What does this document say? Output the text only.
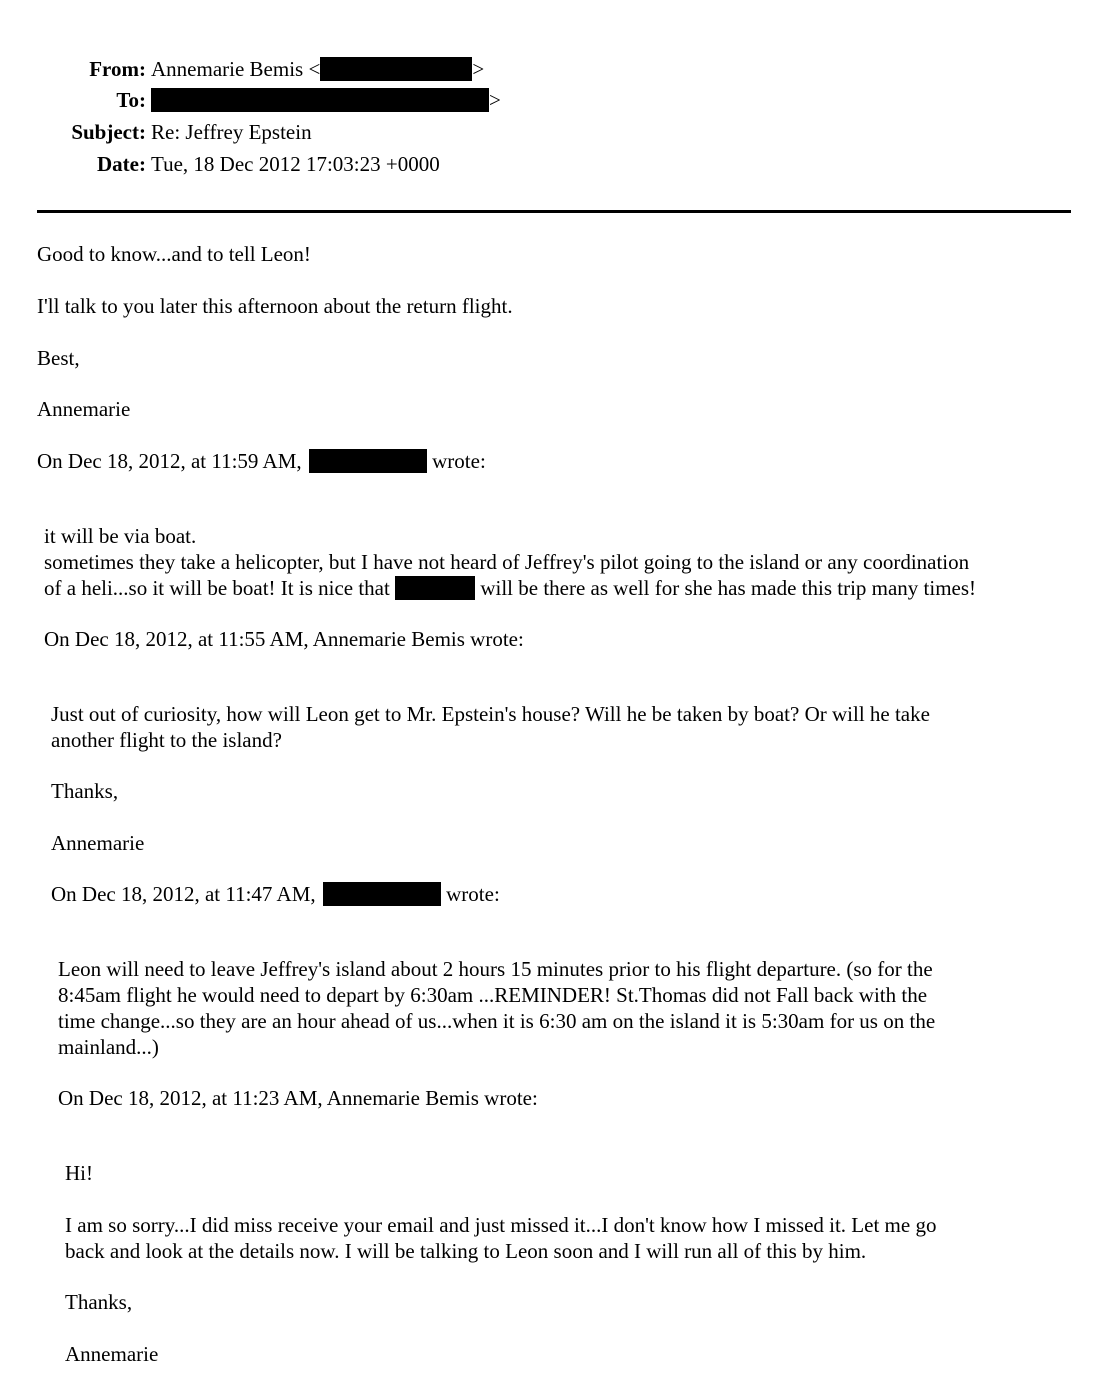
From: Annemarie Bemis <	>
To:	>
Subject: Re: Jeffrey Epstein
Date: Tue, 18 Dec 2012 17:03:23 +0000
Good to know...and to tell Leon!
I'll talk to you later this afternoon about the return flight.
Best,
Annemarie
On Dec 18, 2012, at 11:59 AM,	wrote:
it will be via boat.
sometimes they take a helicopter, but I have not heard of Jeffrey's pilot going to the island or any coordination
of a heli...so it will be boat! It is nice that	will be there as well for she has made this trip many times!
On Dec 18, 2012, at 11:55 AM, Annemarie Bemis wrote:
Just out of curiosity, how will Leon get to Mr. Epstein's house? Will he be taken by boat? Or will he take
another flight to the island?
Thanks,
Annemarie
On Dec 18, 2012, at 11:47 AM,	wrote:
Leon will need to leave Jeffrey's island about 2 hours 15 minutes prior to his flight departure. (so for the
8:45am flight he would need to depart by 6:30am ...REMINDER! St.Thomas did not Fall back with the
time change...so they are an hour ahead of us...when it is 6:30 am on the island it is 5:30am for us on the
mainland...)
On Dec 18, 2012, at 11:23 AM, Annemarie Bemis wrote:
Hi!
I am so sorry...I did miss receive your email and just missed it...I don't know how I missed it. Let me go
back and look at the details now. I will be talking to Leon soon and I will run all of this by him.
Thanks,
Annemarie
